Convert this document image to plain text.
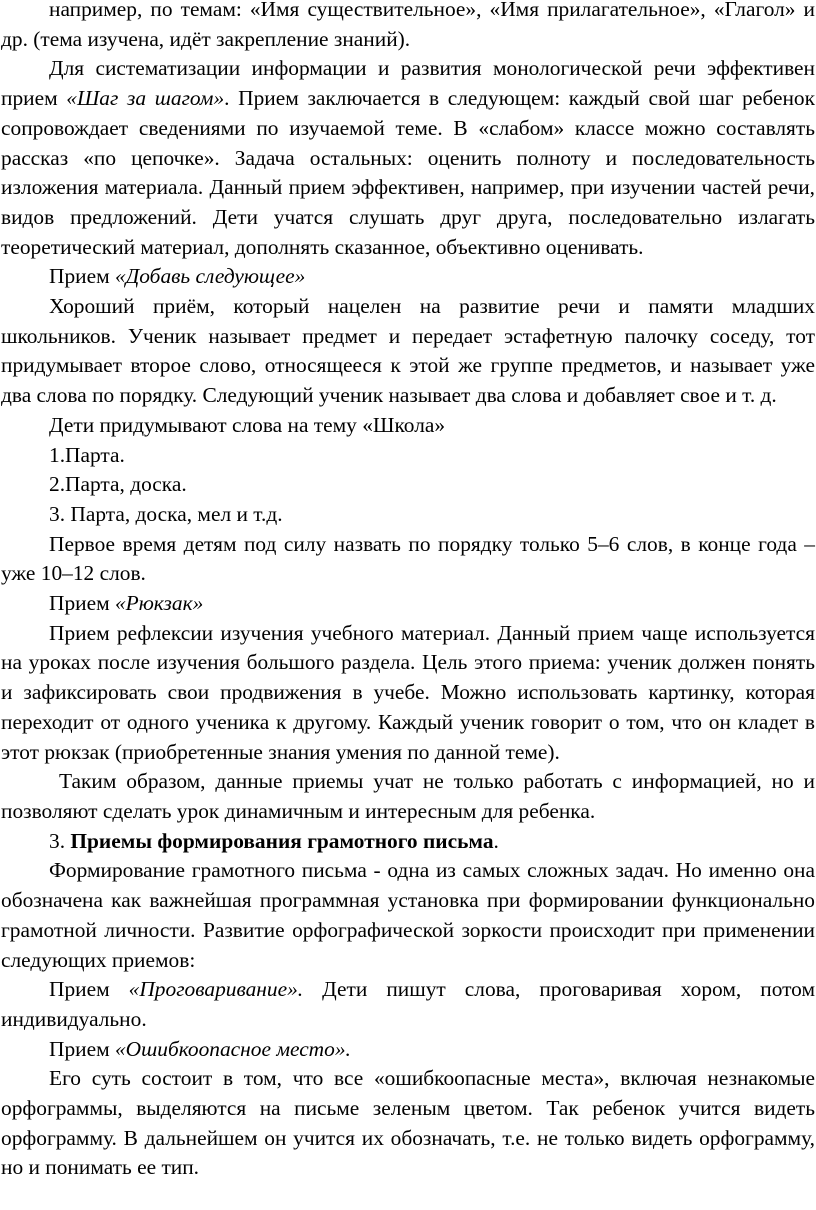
например, по темам: «Имя существительное», «Имя прилагательное», «Глагол» и др. (тема изучена, идёт закрепление знаний).

Для систематизации информации и развития монологической речи эффективен прием «Шаг за шагом». Прием заключается в следующем: каждый свой шаг ребенок сопровождает сведениями по изучаемой теме. В «слабом» классе можно составлять рассказ «по цепочке». Задача остальных: оценить полноту и последовательность изложения материала. Данный прием эффективен, например, при изучении частей речи, видов предложений. Дети учатся слушать друг друга, последовательно излагать теоретический материал, дополнять сказанное, объективно оценивать.

Прием «Добавь следующее»

Хороший приём, который нацелен на развитие речи и памяти младших школьников. Ученик называет предмет и передает эстафетную палочку соседу, тот придумывает второе слово, относящееся к этой же группе предметов, и называет уже два слова по порядку. Следующий ученик называет два слова и добавляет свое и т. д.

Дети придумывают слова на тему «Школа»

1.Парта.

2.Парта, доска.

3. Парта, доска, мел и т.д.

Первое время детям под силу назвать по порядку только 5–6 слов, в конце года – уже 10–12 слов.

Прием «Рюкзак»

Прием рефлексии изучения учебного материал. Данный прием чаще используется на уроках после изучения большого раздела. Цель этого приема: ученик должен понять и зафиксировать свои продвижения в учебе. Можно использовать картинку, которая переходит от одного ученика к другому. Каждый ученик говорит о том, что он кладет в этот рюкзак (приобретенные знания умения по данной теме).

Таким образом, данные приемы учат не только работать с информацией, но и позволяют сделать урок динамичным и интересным для ребенка.

3. Приемы формирования грамотного письма.

Формирование грамотного письма - одна из самых сложных задач. Но именно она обозначена как важнейшая программная установка при формировании функционально грамотной личности. Развитие орфографической зоркости происходит при применении следующих приемов:

Прием «Проговаривание». Дети пишут слова, проговаривая хором, потом индивидуально.

Прием «Ошибкоопасное место».

Его суть состоит в том, что все «ошибкоопасные места», включая незнакомые орфограммы, выделяются на письме зеленым цветом. Так ребенок учится видеть орфограмму. В дальнейшем он учится их обозначать, т.е. не только видеть орфограмму, но и понимать ее тип.
